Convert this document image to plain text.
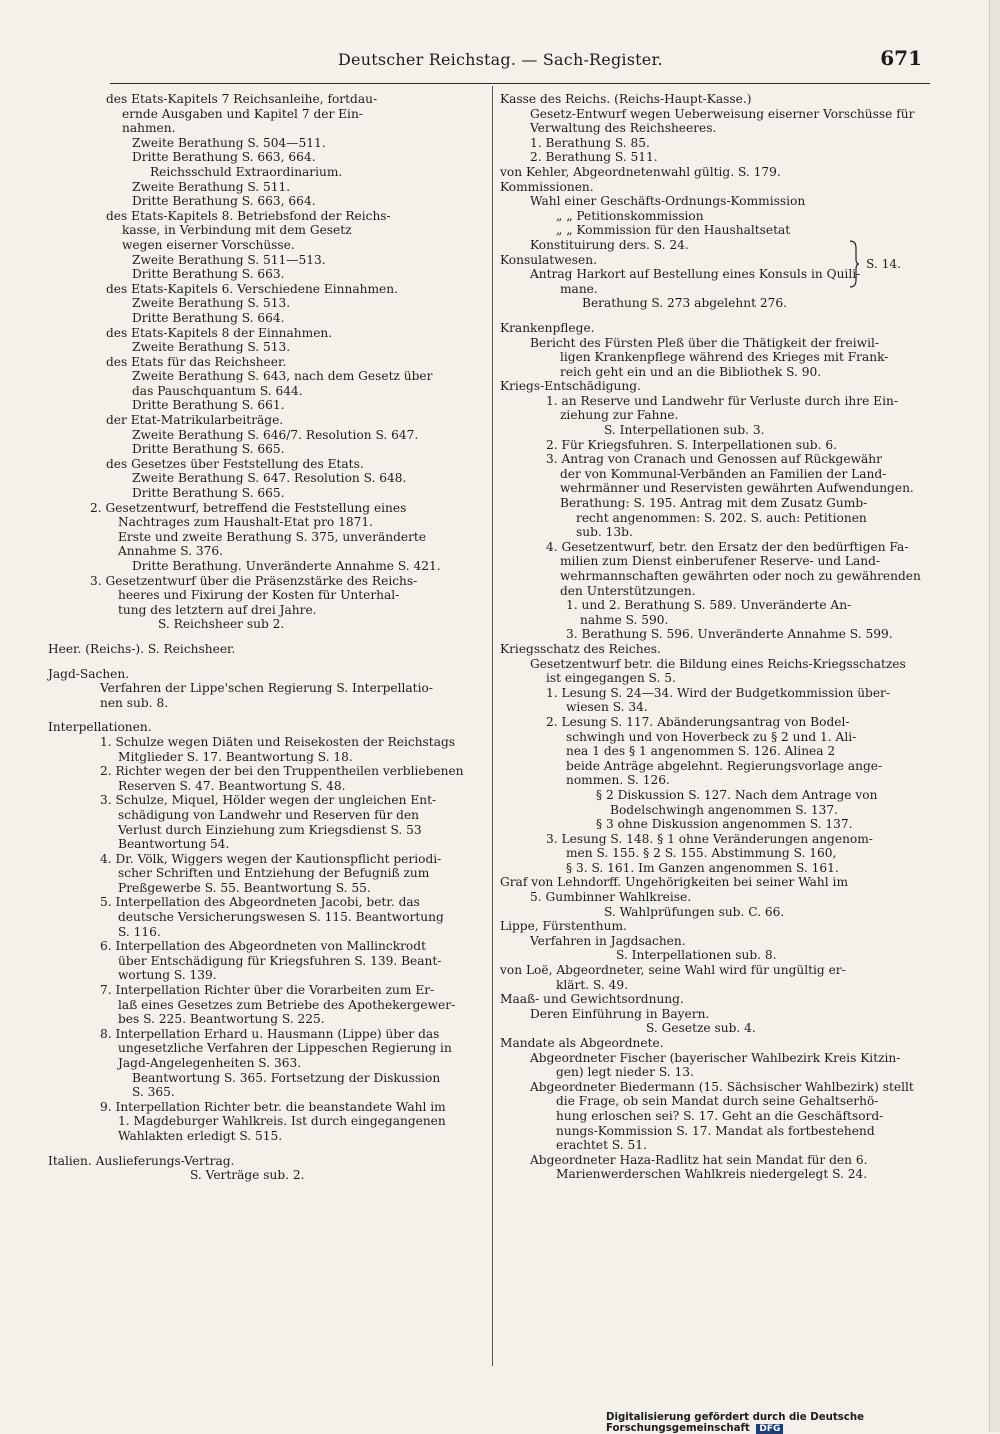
Deutscher Reichstag. — Sach-Register.	671
des Etats-Kapitels 7 Reichsanleihe, fortdau-
ernde Ausgaben und Kapitel 7 der Ein-
nahmen.
Zweite Berathung S. 504—511.
Dritte Berathung S. 663, 664.
Reichsschuld Extraordinarium.
Zweite Berathung S. 511.
Dritte Berathung S. 663, 664.
des Etats-Kapitels 8. Betriebsfond der Reichs-
kasse, in Verbindung mit dem Gesetz
wegen eiserner Vorschüsse.
Zweite Berathung S. 511—513.
Dritte Berathung S. 663.
des Etats-Kapitels 6. Verschiedene Einnahmen.
Zweite Berathung S. 513.
Dritte Berathung S. 664.
des Etats-Kapitels 8 der Einnahmen.
Zweite Berathung S. 513.
des Etats für das Reichsheer.
Zweite Berathung S. 643, nach dem Gesetz über
das Pauschquantum S. 644.
Dritte Berathung S. 661.
der Etat-Matrikularbeiträge.
Zweite Berathung S. 646/7. Resolution S. 647.
Dritte Berathung S. 665.
des Gesetzes über Feststellung des Etats.
Zweite Berathung S. 647. Resolution S. 648.
Dritte Berathung S. 665.
2. Gesetzentwurf, betreffend die Feststellung eines
Nachtrages zum Haushalt-Etat pro 1871.
Erste und zweite Berathung S. 375, unveränderte
Annahme S. 376.
Dritte Berathung. Unveränderte Annahme S. 421.
3. Gesetzentwurf über die Präsenzstärke des Reichs-
heeres und Fixirung der Kosten für Unterhal-
tung des letztern auf drei Jahre.
S. Reichsheer sub 2.
Heer. (Reichs-). S. Reichsheer.
Jagd-Sachen.
Verfahren der Lippe'schen Regierung S. Interpellatio-
nen sub. 8.
Interpellationen.
1. Schulze wegen Diäten und Reisekosten der Reichstags
Mitglieder S. 17. Beantwortung S. 18.
2. Richter wegen der bei den Truppentheilen verbliebenen
Reserven S. 47. Beantwortung S. 48.
3. Schulze, Miquel, Hölder wegen der ungleichen Ent-
schädigung von Landwehr und Reserven für den
Verlust durch Einziehung zum Kriegsdienst S. 53
Beantwortung 54.
4. Dr. Völk, Wiggers wegen der Kautionspflicht periodi-
scher Schriften und Entziehung der Befugniß zum
Preßgewerbe S. 55. Beantwortung S. 55.
5. Interpellation des Abgeordneten Jacobi, betr. das
deutsche Versicherungswesen S. 115. Beantwortung
S. 116.
6. Interpellation des Abgeordneten von Mallinckrodt
über Entschädigung für Kriegsfuhren S. 139. Beant-
wortung S. 139.
7. Interpellation Richter über die Vorarbeiten zum Er-
laß eines Gesetzes zum Betriebe des Apothekergewer-
bes S. 225. Beantwortung S. 225.
8. Interpellation Erhard u. Hausmann (Lippe) über das
ungesetzliche Verfahren der Lippeschen Regierung in
Jagd-Angelegenheiten S. 363.
Beantwortung S. 365. Fortsetzung der Diskussion
S. 365.
9. Interpellation Richter betr. die beanstandete Wahl im
1. Magdeburger Wahlkreis. Ist durch eingegangenen
Wahlakten erledigt S. 515.
Italien. Auslieferungs-Vertrag.
S. Verträge sub. 2.
Kasse des Reichs. (Reichs-Haupt-Kasse.)
Gesetz-Entwurf wegen Ueberweisung eiserner Vorschüsse für
Verwaltung des Reichsheeres.
1. Berathung S. 85.
2. Berathung S. 511.
von Kehler, Abgeordnetenwahl gültig. S. 179.
Kommissionen.
Wahl einer Geschäfts-Ordnungs-Kommission
„ „ Petitionskommission
„ „ Kommission für den Haushaltsetat
Konstituirung ders. S. 24.
Konsulatwesen.
Antrag Harkort auf Bestellung eines Konsuls in Quili-
mane.
Berathung S. 273 abgelehnt 276.
Krankenpflege.
Bericht des Fürsten Pleß über die Thätigkeit der freiwil-
ligen Krankenpflege während des Krieges mit Frank-
reich geht ein und an die Bibliothek S. 90.
Kriegs-Entschädigung.
1. an Reserve und Landwehr für Verluste durch ihre Ein-
ziehung zur Fahne.
S. Interpellationen sub. 3.
2. Für Kriegsfuhren. S. Interpellationen sub. 6.
3. Antrag von Cranach und Genossen auf Rückgewähr
der von Kommunal-Verbänden an Familien der Land-
wehrmänner und Reservisten gewährten Aufwendungen.
Berathung: S. 195. Antrag mit dem Zusatz Gumb-
recht angenommen: S. 202. S. auch: Petitionen
sub. 13b.
4. Gesetzentwurf, betr. den Ersatz der den bedürftigen Fa-
milien zum Dienst einberufener Reserve- und Land-
wehrmannschaften gewährten oder noch zu gewährenden
den Unterstützungen.
1. und 2. Berathung S. 589. Unveränderte An-
nahme S. 590.
3. Berathung S. 596. Unveränderte Annahme S. 599.
Kriegsschatz des Reiches.
Gesetzentwurf betr. die Bildung eines Reichs-Kriegsschatzes
ist eingegangen S. 5.
1. Lesung S. 24—34. Wird der Budgetkommission über-
wiesen S. 34.
2. Lesung S. 117. Abänderungsantrag von Bodel-
schwingh und von Hoverbeck zu § 2 und 1. Ali-
nea 1 des § 1 angenommen S. 126. Alinea 2
beide Anträge abgelehnt. Regierungsvorlage ange-
nommen. S. 126.
§ 2 Diskussion S. 127. Nach dem Antrage von
Bodelschwingh angenommen S. 137.
§ 3 ohne Diskussion angenommen S. 137.
3. Lesung S. 148. § 1 ohne Veränderungen angenom-
men S. 155. § 2 S. 155. Abstimmung S. 160,
§ 3. S. 161. Im Ganzen angenommen S. 161.
Graf von Lehndorff. Ungehörigkeiten bei seiner Wahl im
5. Gumbinner Wahlkreise.
S. Wahlprüfungen sub. C. 66.
Lippe, Fürstenthum.
Verfahren in Jagdsachen.
S. Interpellationen sub. 8.
von Loë, Abgeordneter, seine Wahl wird für ungültig er-
klärt. S. 49.
Maaß- und Gewichtsordnung.
Deren Einführung in Bayern.
S. Gesetze sub. 4.
Mandate als Abgeordnete.
Abgeordneter Fischer (bayerischer Wahlbezirk Kreis Kitzin-
gen) legt nieder S. 13.
Abgeordneter Biedermann (15. Sächsischer Wahlbezirk) stellt
die Frage, ob sein Mandat durch seine Gehaltserhö-
hung erloschen sei? S. 17. Geht an die Geschäftsord-
nungs-Kommission S. 17. Mandat als fortbestehend
erachtet S. 51.
Abgeordneter Haza-Radlitz hat sein Mandat für den 6.
Marienwerderschen Wahlkreis niedergelegt S. 24.
S. 14.
Digitalisierung gefördert durch die Deutsche Forschungsgemeinschaft DFG
